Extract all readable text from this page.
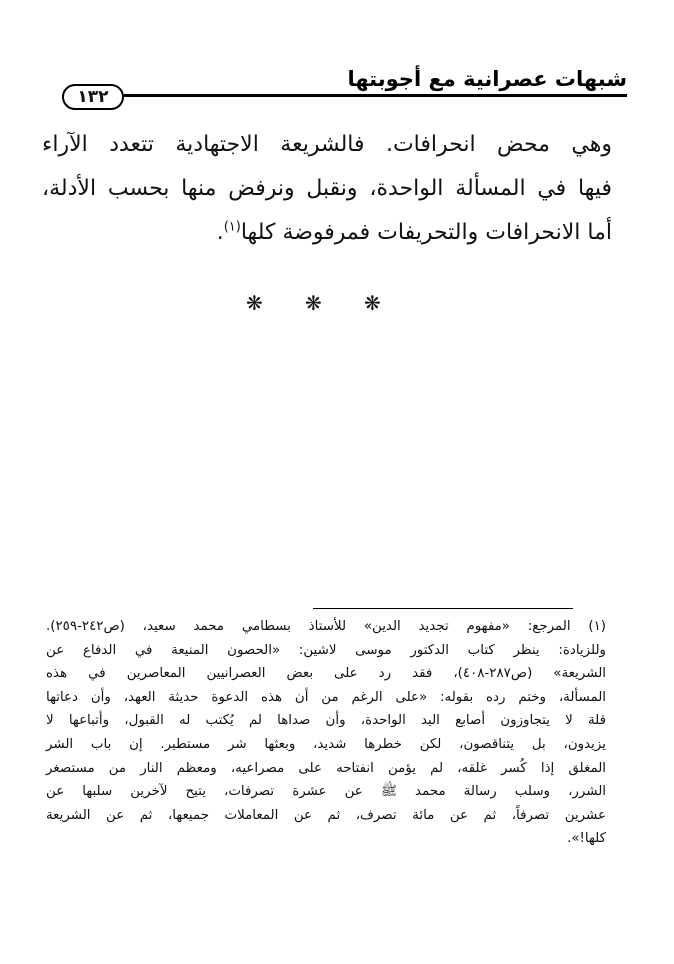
شبهات عصرانية مع أجوبتها
١٣٢
وهي محض انحرافات. فالشريعة الاجتهادية تتعدد الآراء
فيها في المسألة الواحدة، ونقبل ونرفض منها بحسب الأدلة،
أما الانحرافات والتحريفات فمرفوضة كلها$^{(١)}$.
❋ ❋ ❋
(١) المرجع: «مفهوم تجديد الدين» للأستاذ بسطامي محمد سعيد، (ص٢٤٢-٢٥٩).
وللزيادة: ينظر كتاب الدكتور موسى لاشين: «الحصون المنيعة في الدفاع عن
الشريعة» (ص٢٨٧-٤٠٨)، فقد رد على بعض العصرانيين المعاصرين في هذه
المسألة، وختم رده بقوله: «على الرغم من أن هذه الدعوة حديثة العهد، وأن دعاتها
قلة لا يتجاوزون أصابع اليد الواحدة، وأن صداها لم يُكتب له القبول، وأتباعها لا
يزيدون، بل يتناقصون، لكن خطرها شديد، وبعثها شر مستطير. إن باب الشر
المغلق إذا كُسر غلقه، لم يؤمن انفتاحه على مصراعيه، ومعظم النار من مستصغر
الشرر، وسلب رسالة محمد ﷺ عن عشرة تصرفات، يتيح لآخرين سلبها عن
عشرين تصرفاً، ثم عن مائة تصرف، ثم عن المعاملات جميعها، ثم عن الشريعة
كلها!».
